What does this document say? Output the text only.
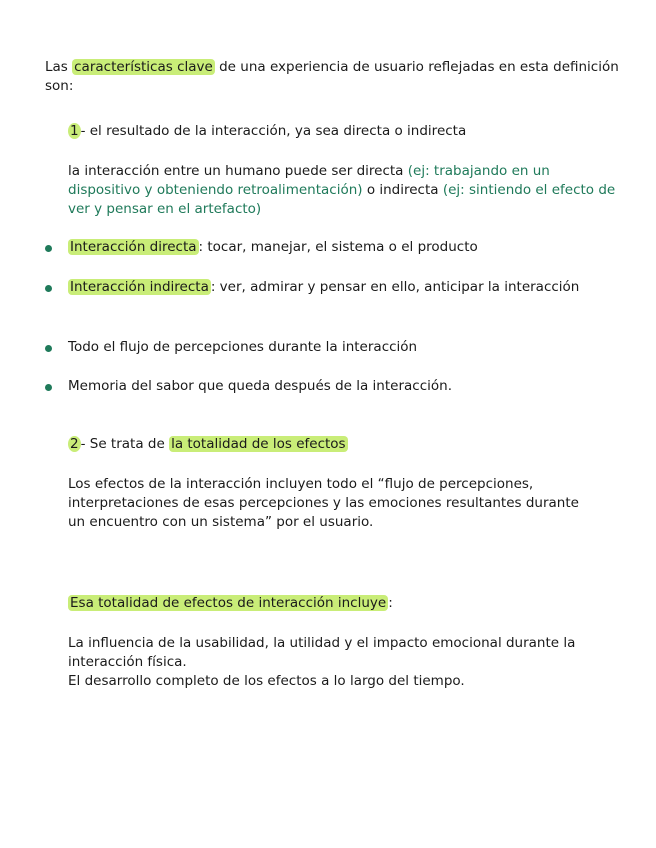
Las características clave de una experiencia de usuario reflejadas en esta definición son:
1 - el resultado de la interacción, ya sea directa o indirecta
la interacción entre un humano puede ser directa (ej: trabajando en un dispositivo y obteniendo retroalimentación) o indirecta (ej: sintiendo el efecto de ver y pensar en el artefacto)
Interacción directa : tocar, manejar, el sistema o el producto
Interacción indirecta : ver, admirar y pensar en ello, anticipar la interacción
Todo el flujo de percepciones durante la interacción
Memoria del sabor que queda después de la interacción.
2 - Se trata de la totalidad de los efectos
Los efectos de la interacción incluyen todo el “flujo de percepciones, interpretaciones de esas percepciones y las emociones resultantes durante un encuentro con un sistema” por el usuario.
Esa totalidad de efectos de interacción incluye :
La influencia de la usabilidad, la utilidad y el impacto emocional durante la interacción física.
El desarrollo completo de los efectos a lo largo del tiempo.
